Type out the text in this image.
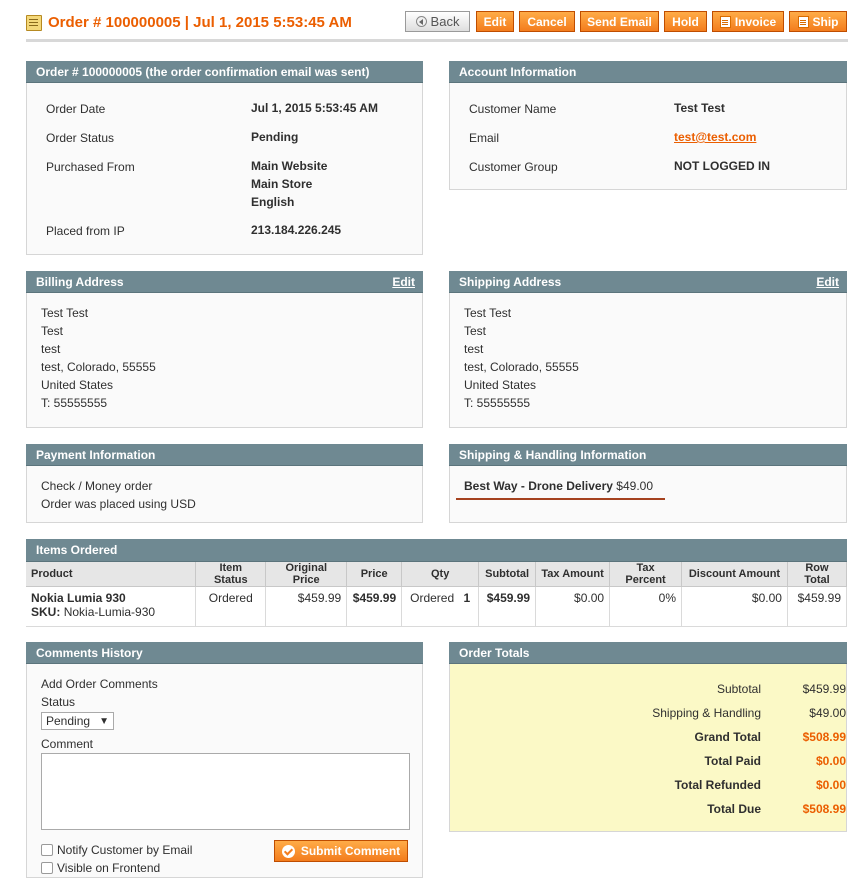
Order # 100000005 | Jul 1, 2015 5:53:45 AM	Back Edit Cancel Send Email Hold	Invoice	Ship
Order # 100000005 (the order confirmation email was sent)
Order Date	Jul 1, 2015 5:53:45 AM
Order Status	Pending
Purchased From	Main Website
Main Store
English
Placed from IP	213.184.226.245
Account Information
Customer Name	Test Test
Email	test@test.com
Customer Group	NOT LOGGED IN
Billing Address	Edit
Test Test
Test
test
test, Colorado, 55555
United States
T: 55555555
Shipping Address	Edit
Test Test
Test
test
test, Colorado, 55555
United States
T: 55555555
Payment Information
Check / Money order
Order was placed using USD
Shipping & Handling Information
Best Way - Drone Delivery $49.00
Items Ordered
Product	Item Status	Original Price	Price	Qty	Subtotal	Tax Amount	Tax Percent	Discount Amount	Row Total

Nokia Lumia 930
SKU: Nokia-Lumia-930	Ordered	$459.99	$459.99	Ordered 1	$459.99	$0.00	0%	$0.00	$459.99
Comments History
Add Order Comments
Status
Pending ▼
Comment
Notify Customer by Email
Visible on Frontend
Submit Comment
Order Totals
Subtotal	$459.99
Shipping & Handling	$49.00
Grand Total	$508.99
Total Paid	$0.00
Total Refunded	$0.00
Total Due	$508.99
